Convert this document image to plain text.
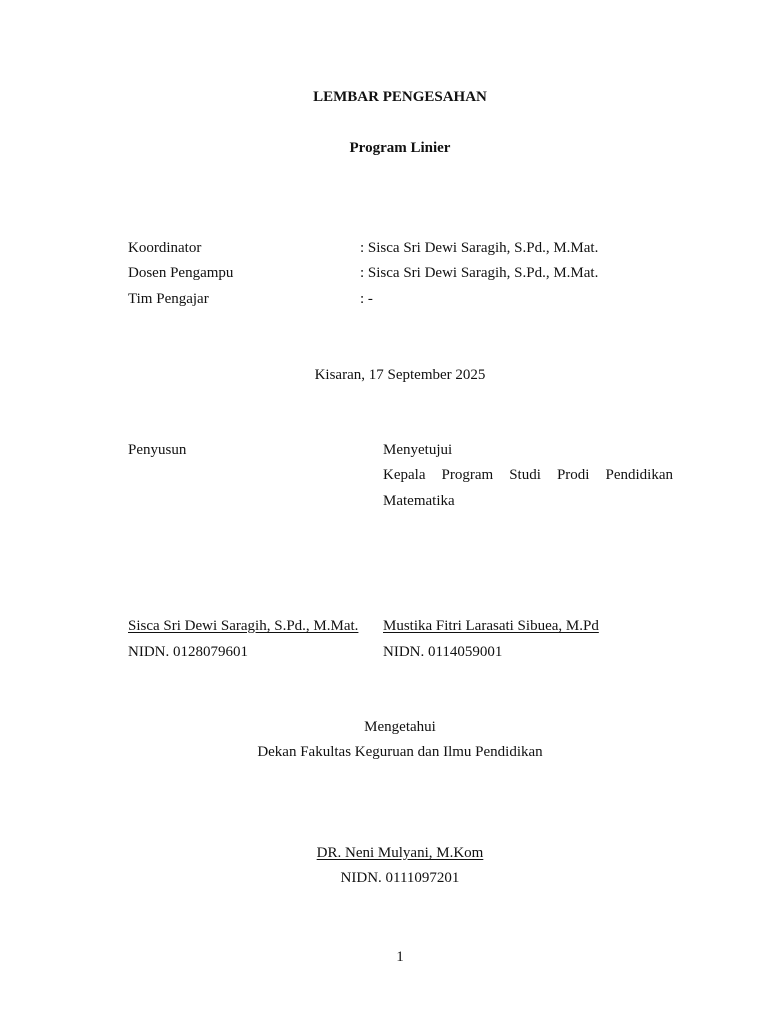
LEMBAR PENGESAHAN
Program Linier
Koordinator	: Sisca Sri Dewi Saragih, S.Pd., M.Mat.
Dosen Pengampu	: Sisca Sri Dewi Saragih, S.Pd., M.Mat.
Tim Pengajar	: -
Kisaran, 17 September 2025
Penyusun
Sisca Sri Dewi Saragih, S.Pd., M.Mat.
NIDN. 0128079601
Menyetujui
Kepala Program Studi Prodi Pendidikan
Matematika
Mustika Fitri Larasati Sibuea, M.Pd
NIDN. 0114059001
Mengetahui
Dekan Fakultas Keguruan dan Ilmu Pendidikan
DR. Neni Mulyani, M.Kom
NIDN. 0111097201
1
